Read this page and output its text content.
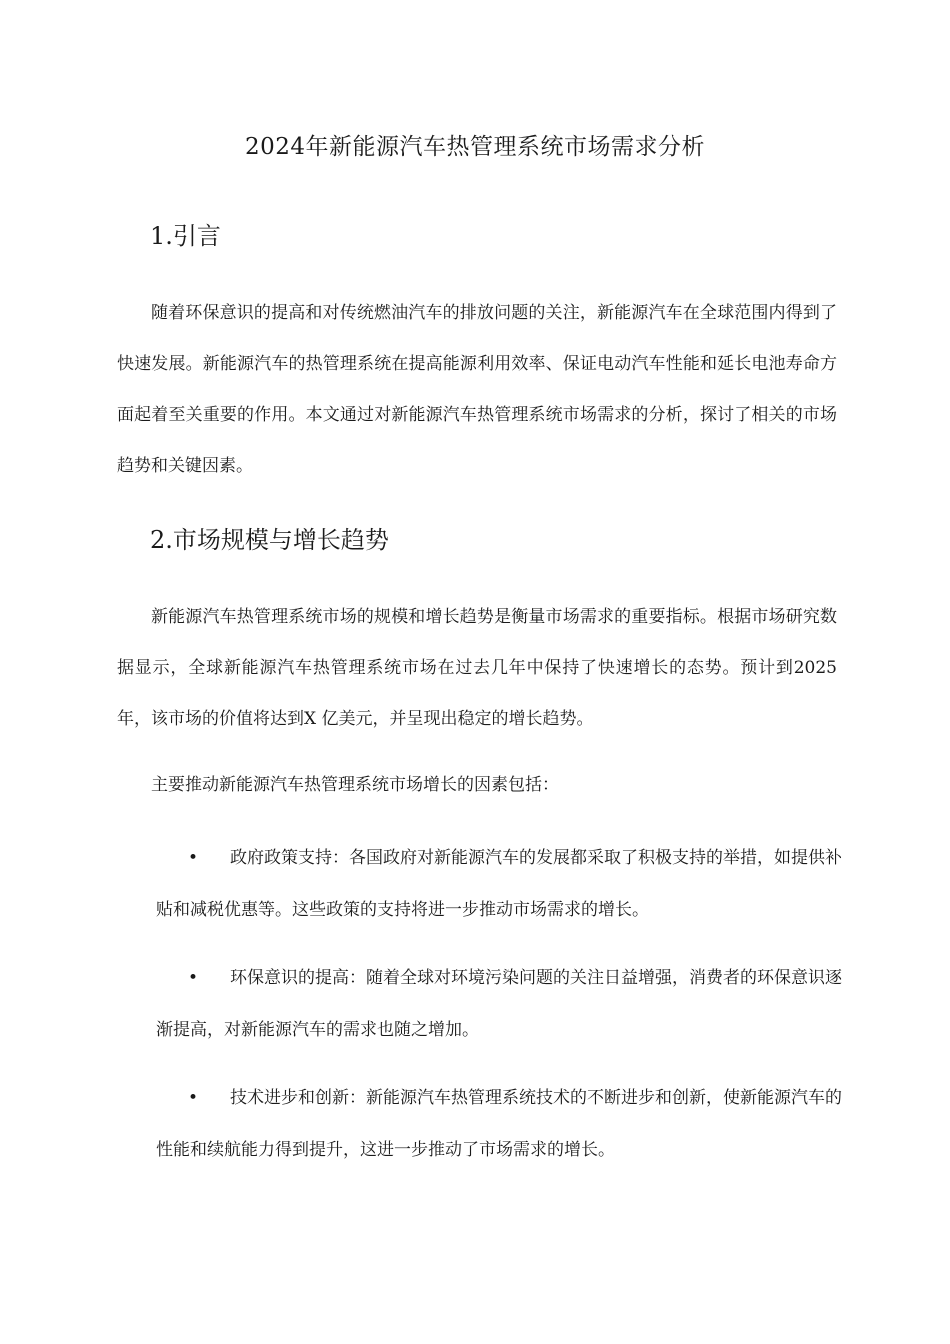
2024年新能源汽车热管理系统市场需求分析
1.引言

随着环保意识的提高和对传统燃油汽车的排放问题的关注，新能源汽车在全球范围内得到了快速发展。新能源汽车的热管理系统在提高能源利用效率、保证电动汽车性能和延长电池寿命方面起着至关重要的作用。本文通过对新能源汽车热管理系统市场需求的分析，探讨了相关的市场趋势和关键因素。

2.市场规模与增长趋势

新能源汽车热管理系统市场的规模和增长趋势是衡量市场需求的重要指标。根据市场研究数据显示，全球新能源汽车热管理系统市场在过去几年中保持了快速增长的态势。预计到2025 年，该市场的价值将达到X 亿美元，并呈现出稳定的增长趋势。

主要推动新能源汽车热管理系统市场增长的因素包括：

• 政府政策支持：各国政府对新能源汽车的发展都采取了积极支持的举措，如提供补贴和减税优惠等。这些政策的支持将进一步推动市场需求的增长。

• 环保意识的提高：随着全球对环境污染问题的关注日益增强，消费者的环保意识逐渐提高，对新能源汽车的需求也随之增加。

• 技术进步和创新：新能源汽车热管理系统技术的不断进步和创新，使新能源汽车的性能和续航能力得到提升，这进一步推动了市场需求的增长。
